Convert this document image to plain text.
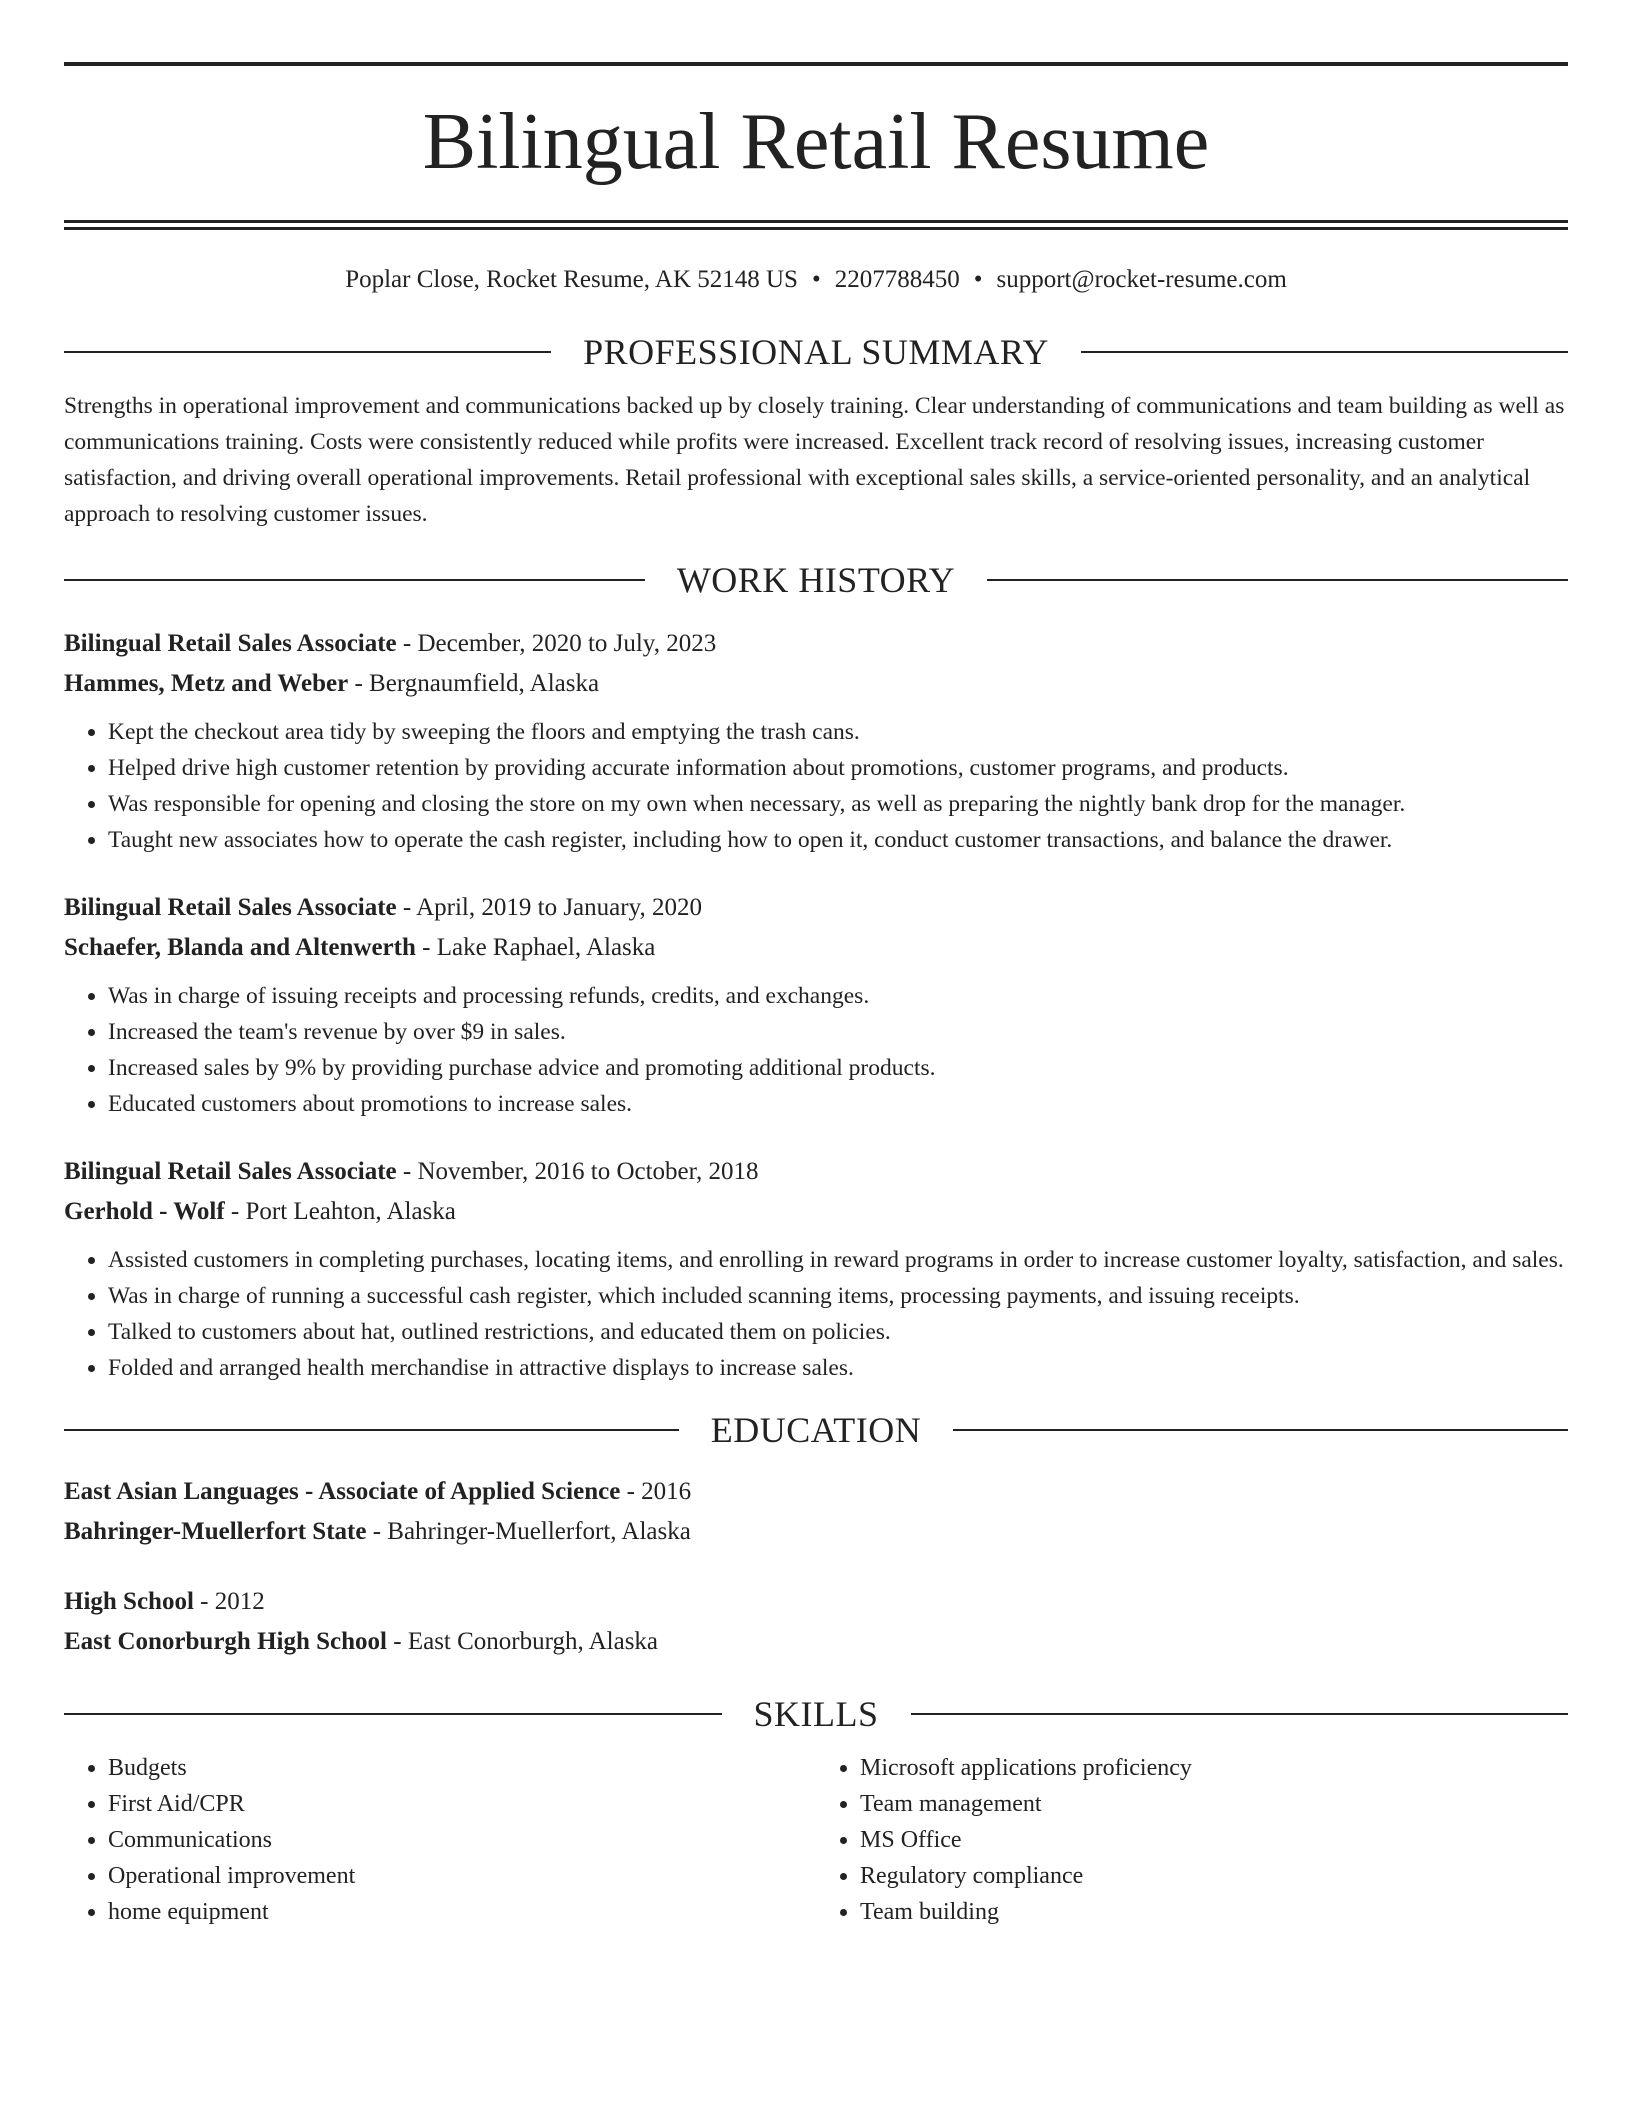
Bilingual Retail Resume
Poplar Close, Rocket Resume, AK 52148 US • 2207788450 • support@rocket-resume.com
PROFESSIONAL SUMMARY

Strengths in operational improvement and communications backed up by closely training. Clear understanding of communications and team building as well as communications training. Costs were consistently reduced while profits were increased. Excellent track record of resolving issues, increasing customer satisfaction, and driving overall operational improvements. Retail professional with exceptional sales skills, a service-oriented personality, and an analytical approach to resolving customer issues.

WORK HISTORY
Bilingual Retail Sales Associate - December, 2020 to July, 2023
Hammes, Metz and Weber - Bergnaumfield, Alaska
• Kept the checkout area tidy by sweeping the floors and emptying the trash cans.
• Helped drive high customer retention by providing accurate information about promotions, customer programs, and products.
• Was responsible for opening and closing the store on my own when necessary, as well as preparing the nightly bank drop for the manager.
• Taught new associates how to operate the cash register, including how to open it, conduct customer transactions, and balance the drawer.
Bilingual Retail Sales Associate - April, 2019 to January, 2020
Schaefer, Blanda and Altenwerth - Lake Raphael, Alaska
• Was in charge of issuing receipts and processing refunds, credits, and exchanges.
• Increased the team's revenue by over $9 in sales.
• Increased sales by 9% by providing purchase advice and promoting additional products.
• Educated customers about promotions to increase sales.
Bilingual Retail Sales Associate - November, 2016 to October, 2018
Gerhold - Wolf - Port Leahton, Alaska
• Assisted customers in completing purchases, locating items, and enrolling in reward programs in order to increase customer loyalty, satisfaction, and sales.
• Was in charge of running a successful cash register, which included scanning items, processing payments, and issuing receipts.
• Talked to customers about hat, outlined restrictions, and educated them on policies.
• Folded and arranged health merchandise in attractive displays to increase sales.
EDUCATION
East Asian Languages - Associate of Applied Science - 2016
Bahringer-Muellerfort State - Bahringer-Muellerfort, Alaska
High School - 2012
East Conorburgh High School - East Conorburgh, Alaska
SKILLS
• Budgets
• First Aid/CPR
• Communications
• Operational improvement
• home equipment
• Microsoft applications proficiency
• Team management
• MS Office
• Regulatory compliance
• Team building
